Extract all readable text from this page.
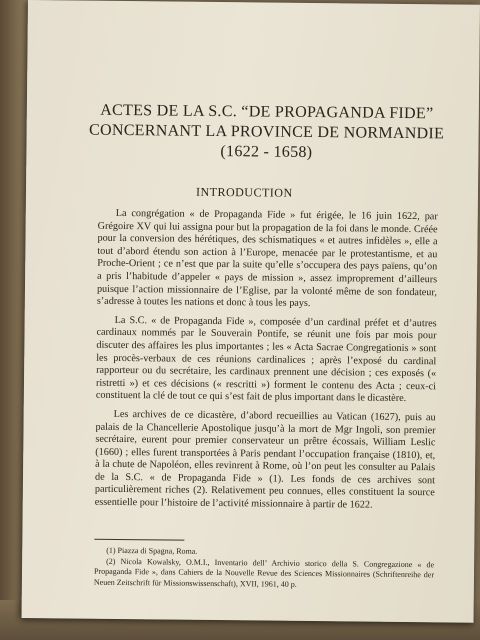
ACTES DE LA S.C. “DE PROPAGANDA FIDE”
CONCERNANT LA PROVINCE DE NORMANDIE
(1622 - 1658)
INTRODUCTION

La congrégation « de Propaganda Fide » fut érigée, le 16 juin 1622, par Grégoire XV qui lui assigna pour but la propagation de la foi dans le monde. Créée pour la conversion des hérétiques, des schismatiques « et autres infidèles », elle a tout d’abord étendu son action à l’Europe, menacée par le protestantisme, et au Proche-Orient ; ce n’est que par la suite qu’elle s’occupera des pays païens, qu’on a pris l’habitude d’appeler « pays de mission », assez improprement d’ailleurs puisque l’action missionnaire de l’Eglise, par la volonté même de son fondateur, s’adresse à toutes les nations et donc à tous les pays.

La S.C. « de Propaganda Fide », composée d’un cardinal préfet et d’autres cardinaux nommés par le Souverain Pontife, se réunit une fois par mois pour discuter des affaires les plus importantes ; les « Acta Sacrae Congregationis » sont les procès-verbaux de ces réunions cardinalices ; après l’exposé du cardinal rapporteur ou du secrétaire, les cardinaux prennent une décision ; ces exposés (« ristretti ») et ces décisions (« rescritti ») forment le contenu des Acta ; ceux-ci constituent la clé de tout ce qui s’est fait de plus important dans le dicastère.

Les archives de ce dicastère, d’abord recueillies au Vatican (1627), puis au palais de la Chancellerie Apostolique jusqu’à la mort de Mgr Ingoli, son premier secrétaire, eurent pour premier conservateur un prêtre écossais, William Leslic (1660) ; elles furent transportées à Paris pendant l’occupation française (1810), et, à la chute de Napoléon, elles revinrent à Rome, où l’on peut les consulter au Palais de la S.C. « de Propaganda Fide » (1). Les fonds de ces archives sont particulièrement riches (2). Relativement peu connues, elles constituent la source essentielle pour l’histoire de l’activité missionnaire à partir de 1622.

(1) Piazza di Spagna, Roma.

(2) Nicola Kowalsky, O.M.I., Inventario dell’ Archivio storico della S. Congregazione « de Propaganda Fide », dans Cahiers de la Nouvelle Revue des Sciences Missionnaires (Schriftenreihe der Neuen Zeitschrift für Missionswissenschaft), XVII, 1961, 40 p.
